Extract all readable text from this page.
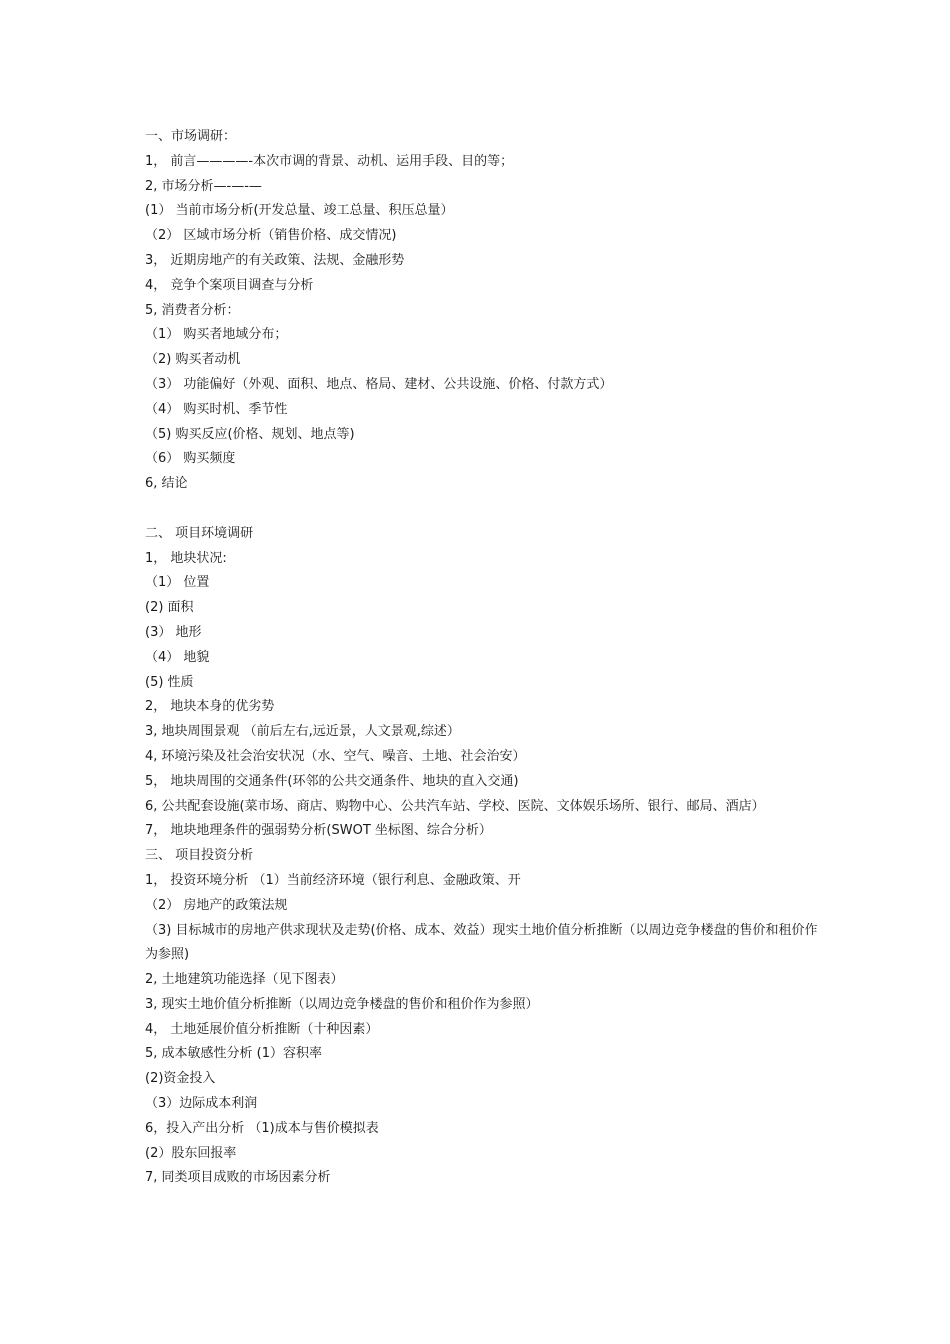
一、市场调研：
1， 前言————-本次市调的背景、动机、运用手段、目的等；
2, 市场分析—-—-—
(1） 当前市场分析(开发总量、竣工总量、积压总量）
（2） 区域市场分析（销售价格、成交情况)
3， 近期房地产的有关政策、法规、金融形势
4， 竞争个案项目调查与分析
5, 消费者分析：
（1） 购买者地域分布；
（2) 购买者动机
（3） 功能偏好（外观、面积、地点、格局、建材、公共设施、价格、付款方式）
（4） 购买时机、季节性
（5) 购买反应(价格、规划、地点等)
（6） 购买频度
6, 结论
二、 项目环境调研
1， 地块状况:
（1） 位置
(2) 面积
(3） 地形
（4） 地貌
(5) 性质
2， 地块本身的优劣势
3, 地块周围景观 （前后左右,远近景，人文景观,综述）
4, 环境污染及社会治安状况（水、空气、噪音、土地、社会治安）
5， 地块周围的交通条件(环邻的公共交通条件、地块的直入交通)
6, 公共配套设施(菜市场、商店、购物中心、公共汽车站、学校、医院、文体娱乐场所、银行、邮局、酒店）
7， 地块地理条件的强弱势分析(SWOT 坐标图、综合分析）
三、 项目投资分析
1， 投资环境分析 （1）当前经济环境（银行利息、金融政策、开
（2） 房地产的政策法规
（3) 目标城市的房地产供求现状及走势(价格、成本、效益）现实土地价值分析推断（以周边竞争楼盘的售价和租价作为参照)
2, 土地建筑功能选择（见下图表）
3, 现实土地价值分析推断（以周边竞争楼盘的售价和租价作为参照）
4， 土地延展价值分析推断（十种因素）
5, 成本敏感性分析 (1）容积率
(2)资金投入
（3）边际成本利润
6，投入产出分析 （1)成本与售价模拟表
(2）股东回报率
7, 同类项目成败的市场因素分析
